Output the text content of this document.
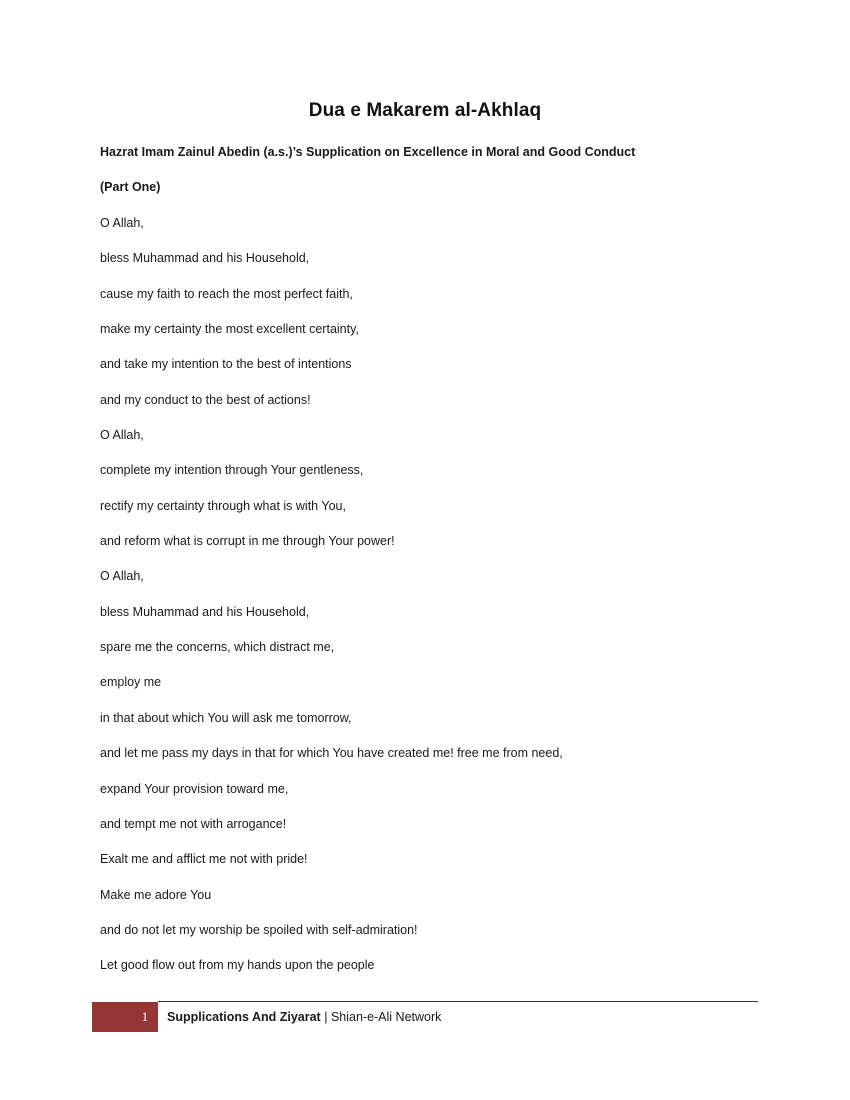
Dua e Makarem al-Akhlaq
Hazrat Imam Zainul Abedin (a.s.)’s Supplication on Excellence in Moral and Good Conduct
(Part One)
O Allah,
bless Muhammad and his Household,
cause my faith to reach the most perfect faith,
make my certainty the most excellent certainty,
and take my intention to the best of intentions
and my conduct to the best of actions!
O Allah,
complete my intention through Your gentleness,
rectify my certainty through what is with You,
and reform what is corrupt in me through Your power!
O Allah,
bless Muhammad and his Household,
spare me the concerns, which distract me,
employ me
in that about which You will ask me tomorrow,
and let me pass my days in that for which You have created me! free me from need,
expand Your provision toward me,
and tempt me not with arrogance!
Exalt me and afflict me not with pride!
Make me adore You
and do not let my worship be spoiled with self-admiration!
Let good flow out from my hands upon the people
1 Supplications And Ziyarat | Shian-e-Ali Network
